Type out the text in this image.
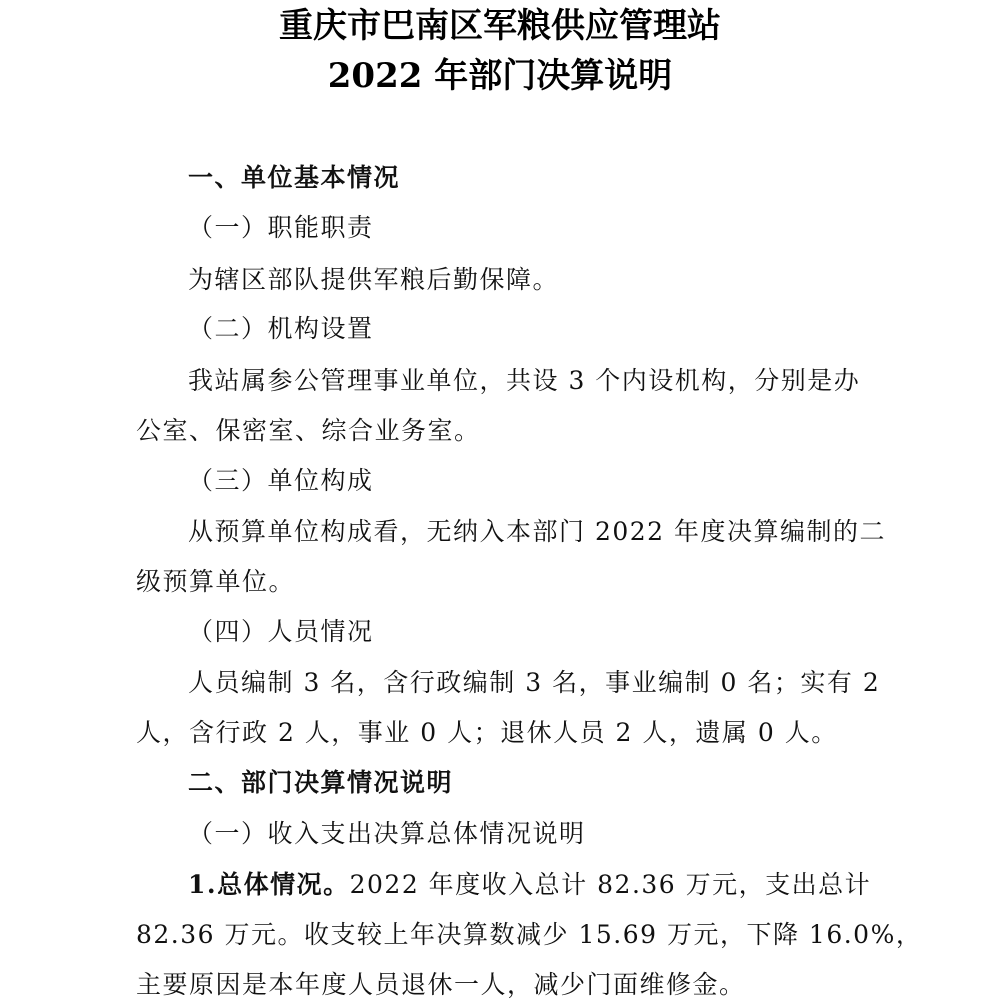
重庆市巴南区军粮供应管理站
2022 年部门决算说明

一、单位基本情况

（一）职能职责

为辖区部队提供军粮后勤保障。

（二）机构设置

我站属参公管理事业单位，共设 3 个内设机构，分别是办

公室、保密室、综合业务室。

（三）单位构成

从预算单位构成看，无纳入本部门 2022 年度决算编制的二

级预算单位。

（四）人员情况

人员编制 3 名，含行政编制 3 名，事业编制 0 名；实有 2

人，含行政 2 人，事业 0 人；退休人员 2 人，遗属 0 人。

二、部门决算情况说明

（一）收入支出决算总体情况说明

1.总体情况。2022 年度收入总计 82.36 万元，支出总计

82.36 万元。收支较上年决算数减少 15.69 万元，下降 16.0%，

主要原因是本年度人员退休一人，减少门面维修金。
